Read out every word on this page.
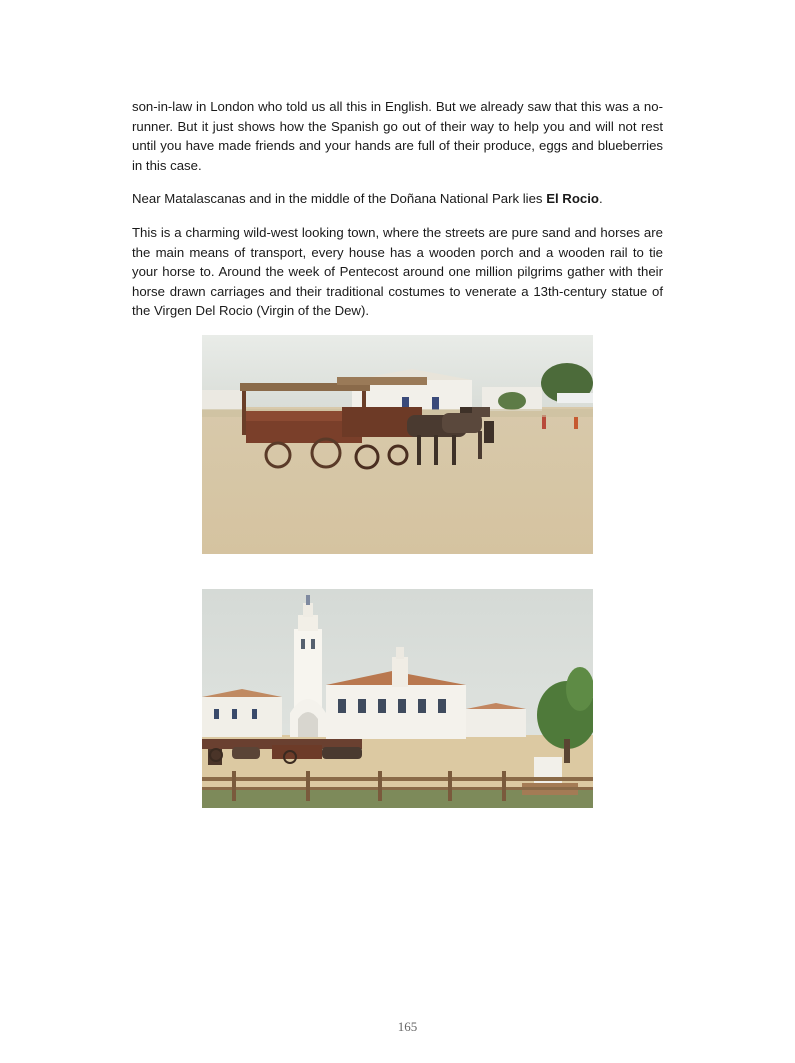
son-in-law in London who told us all this in English. But we already saw that this was a no-runner. But it just shows how the Spanish go out of their way to help you and will not rest until you have made friends and your hands are full of their produce, eggs and blueberries in this case.

Near Matalascanas and in the middle of the Doñana National Park lies El Rocio.

This is a charming wild-west looking town, where the streets are pure sand and horses are the main means of transport, every house has a wooden porch and a wooden rail to tie your horse to. Around the week of Pentecost around one million pilgrims gather with their horse drawn carriages and their traditional costumes to venerate a 13th-century statue of the Virgen Del Rocio (Virgin of the Dew).

165
